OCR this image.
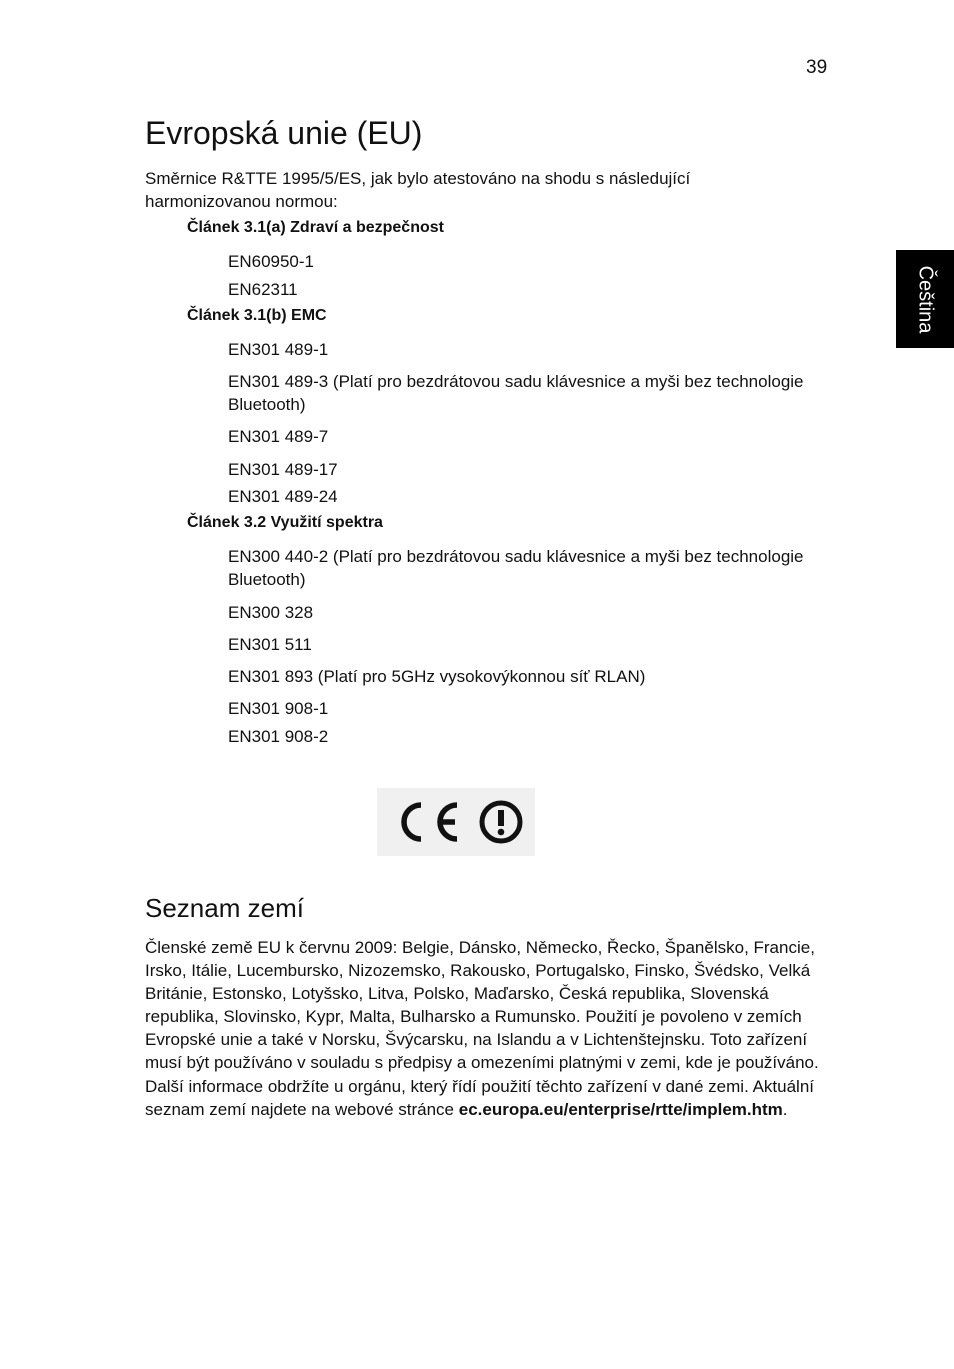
39
Čeština
Evropská unie (EU)

Směrnice R&TTE 1995/5/ES, jak bylo atestováno na shodu s následující harmonizovanou normou:

Článek 3.1(a) Zdraví a bezpečnost
EN60950-1
EN62311
Článek 3.1(b) EMC
EN301 489-1
EN301 489-3 (Platí pro bezdrátovou sadu klávesnice a myši bez technologie Bluetooth)
EN301 489-7
EN301 489-17
EN301 489-24
Článek 3.2 Využití spektra
EN300 440-2 (Platí pro bezdrátovou sadu klávesnice a myši bez technologie Bluetooth)
EN300 328
EN301 511
EN301 893 (Platí pro 5GHz vysokovýkonnou síť RLAN)
EN301 908-1
EN301 908-2
Seznam zemí

Členské země EU k červnu 2009: Belgie, Dánsko, Německo, Řecko, Španělsko, Francie, Irsko, Itálie, Lucembursko, Nizozemsko, Rakousko, Portugalsko, Finsko, Švédsko, Velká Británie, Estonsko, Lotyšsko, Litva, Polsko, Maďarsko, Česká republika, Slovenská republika, Slovinsko, Kypr, Malta, Bulharsko a Rumunsko. Použití je povoleno v zemích Evropské unie a také v Norsku, Švýcarsku, na Islandu a v Lichtenštejnsku. Toto zařízení musí být používáno v souladu s předpisy a omezeními platnými v zemi, kde je používáno. Další informace obdržíte u orgánu, který řídí použití těchto zařízení v dané zemi. Aktuální seznam zemí najdete na webové stránce ec.europa.eu/enterprise/rtte/implem.htm.
